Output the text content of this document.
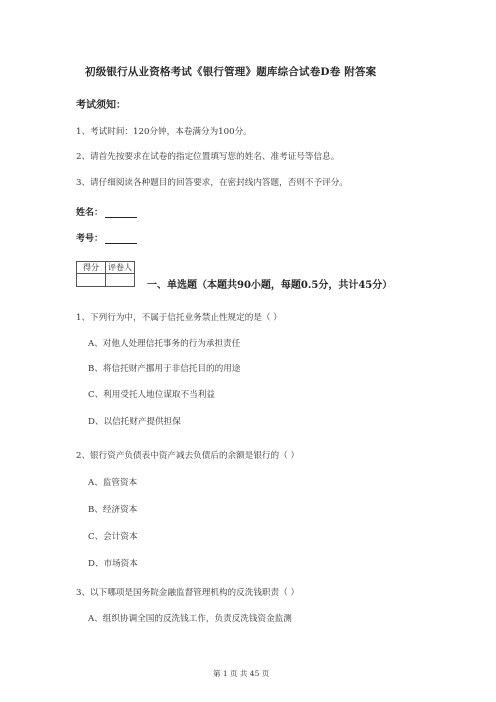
初级银行从业资格考试《银行管理》题库综合试卷D卷 附答案
考试须知：
1、考试时间：120分钟，本卷满分为100分。
2、请首先按要求在试卷的指定位置填写您的姓名、准考证号等信息。
3、请仔细阅读各种题目的回答要求，在密封线内答题，否则不予评分。
姓名：
考号：
得分	评卷人

一、单选题（本题共90小题，每题0.5分，共计45分）
1、下列行为中，不属于信托业务禁止性规定的是（ ）
A、对他人处理信托事务的行为承担责任
B、将信托财产挪用于非信托目的的用途
C、利用受托人地位谋取不当利益
D、以信托财产提供担保
2、银行资产负债表中资产减去负债后的余额是银行的（ ）
A、监管资本
B、经济资本
C、会计资本
D、市场资本
3、以下哪项是国务院金融监督管理机构的反洗钱职责（ ）
A、组织协调全国的反洗钱工作，负责反洗钱资金监测
第 1 页 共 45 页
